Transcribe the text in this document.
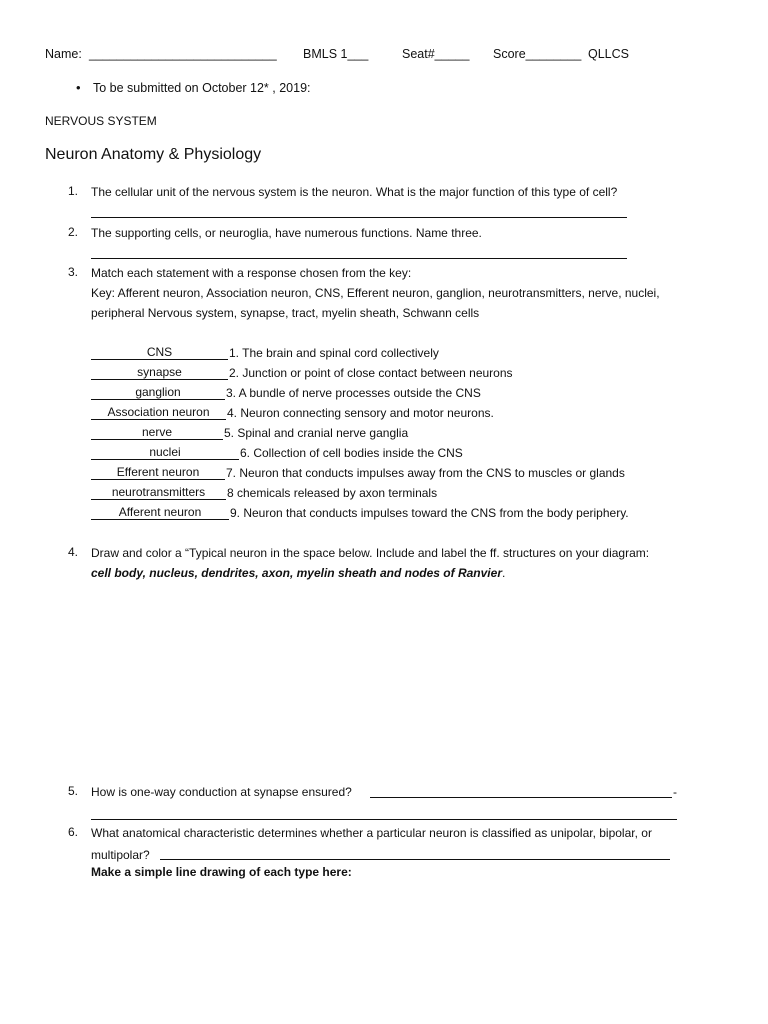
Name: ___________________________ BMLS 1___	Seat#_____ Score________ QLLCS
• To be submitted on October 12* , 2019:
NERVOUS SYSTEM
Neuron Anatomy & Physiology
1. The cellular unit of the nervous system is the neuron. What is the major function of this type of cell?
2. The supporting cells, or neuroglia, have numerous functions. Name three.
3. Match each statement with a response chosen from the key:
Key: Afferent neuron, Association neuron, CNS, Efferent neuron, ganglion, neurotransmitters, nerve, nuclei,
peripheral Nervous system, synapse, tract, myelin sheath, Schwann cells
CNS	1. The brain and spinal cord collectively
synapse	2. Junction or point of close contact between neurons
ganglion	3. A bundle of nerve processes outside the CNS
Association neuron	4. Neuron connecting sensory and motor neurons.
nerve	5. Spinal and cranial nerve ganglia
nuclei	6. Collection of cell bodies inside the CNS
Efferent neuron	7. Neuron that conducts impulses away from the CNS to muscles or glands
neurotransmitters	8 chemicals released by axon terminals
Afferent neuron	9. Neuron that conducts impulses toward the CNS from the body periphery.
4. Draw and color a “Typical neuron in the space below. Include and label the ff. structures on your diagram:
cell body, nucleus, dendrites, axon, myelin sheath and nodes of Ranvier.
5. How is one-way conduction at synapse ensured?	-
6. What anatomical characteristic determines whether a particular neuron is classified as unipolar, bipolar, or
multipolar?
Make a simple line drawing of each type here:
